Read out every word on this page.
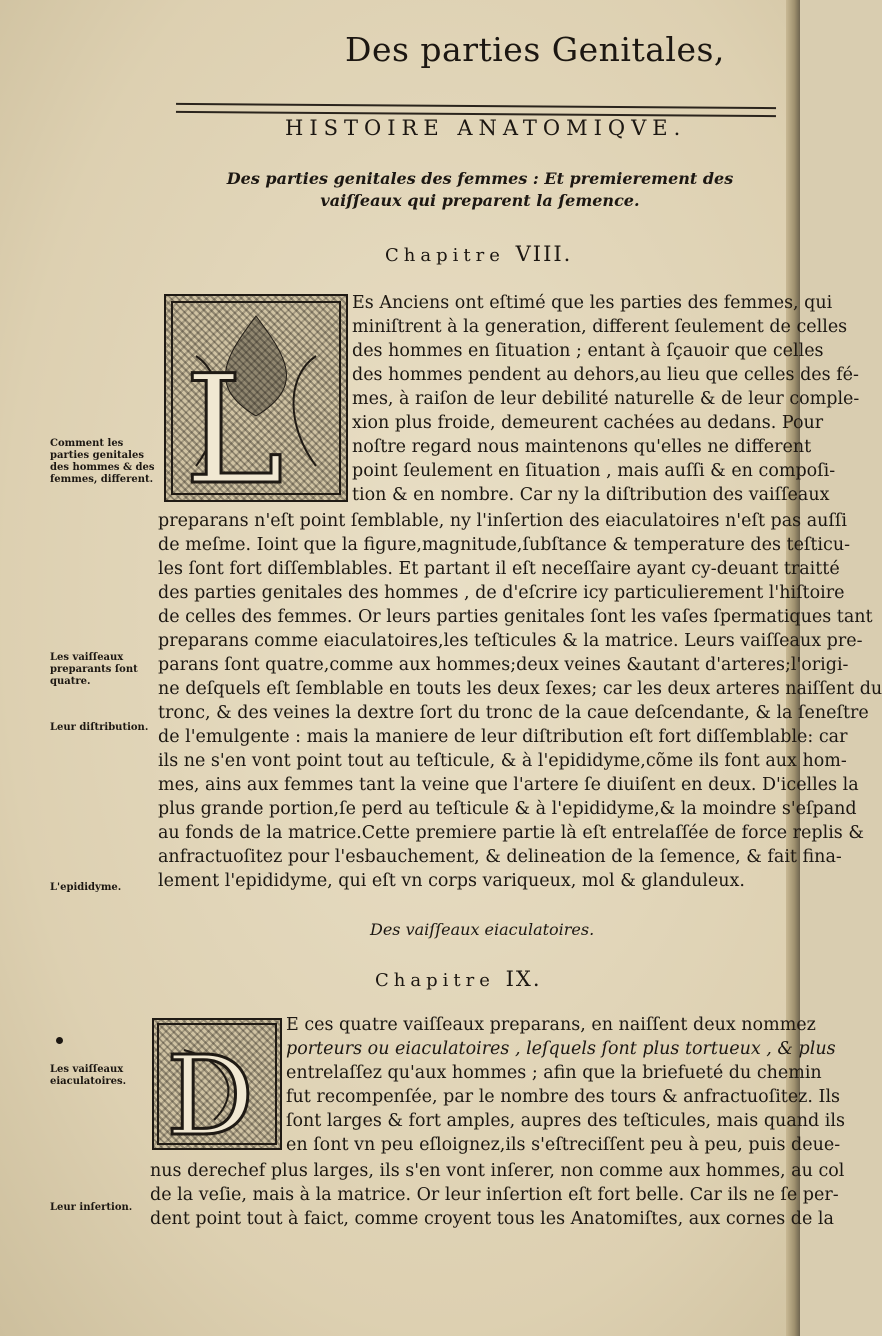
Des parties Genitales,
HISTOIRE ANATOMIQVE.
Des parties genitales des femmes : Et premierement des vaiſſeaux qui preparent la ſemence.
Chapitre VIII.
L
D
Es Anciens ont eſtimé que les parties des femmes, qui
miniſtrent à la generation, different ſeulement de celles
des hommes en ſituation ; entant à ſçauoir que celles
des hommes pendent au dehors,au lieu que celles des fé-
mes, à raiſon de leur debilité naturelle & de leur comple-
xion plus froide, demeurent cachées au dedans. Pour
noſtre regard nous maintenons qu'elles ne different
point ſeulement en ſituation , mais auſſi & en compoſi-
tion & en nombre. Car ny la diſtribution des vaiſſeaux
preparans n'eſt point ſemblable, ny l'inſertion des eiaculatoires n'eſt pas auſſi
de meſme. Ioint que la figure,magnitude,ſubſtance & temperature des teſticu-
les ſont fort diſſemblables. Et partant il eſt neceſſaire ayant cy-deuant traitté
des parties genitales des hommes , de d'eſcrire icy particulierement l'hiſtoire
de celles des femmes. Or leurs parties genitales ſont les vaſes ſpermatiques tant
preparans comme eiaculatoires,les teſticules & la matrice. Leurs vaiſſeaux pre-
parans ſont quatre,comme aux hommes;deux veines &autant d'arteres;l'origi-
ne deſquels eſt ſemblable en touts les deux ſexes; car les deux arteres naiſſent du
tronc, & des veines la dextre ſort du tronc de la caue deſcendante, & la ſeneſtre
de l'emulgente : mais la maniere de leur diſtribution eſt fort diſſemblable: car
ils ne s'en vont point tout au teſticule, & à l'epididyme,cõme ils font aux hom-
mes, ains aux femmes tant la veine que l'artere ſe diuiſent en deux. D'icelles la
plus grande portion,ſe perd au teſticule & à l'epididyme,& la moindre s'eſpand
au fonds de la matrice.Cette premiere partie là eſt entrelaſſée de force replis &
anfractuoſitez pour l'esbauchement, & delineation de la ſemence, & fait fina-
lement l'epididyme, qui eſt vn corps variqueux, mol & glanduleux.
Des vaiſſeaux eiaculatoires.
Chapitre IX.
E ces quatre vaiſſeaux preparans, en naiſſent deux nommez
porteurs ou eiaculatoires , leſquels ſont plus tortueux , & plus
entrelaſſez qu'aux hommes ; afin que la briefueté du chemin
fut recompenſée, par le nombre des tours & anfractuoſitez. Ils
ſont larges & fort amples, aupres des teſticules, mais quand ils
en ſont vn peu eſloignez,ils s'eſtreciſſent peu à peu, puis deue-
nus derechef plus larges, ils s'en vont inſerer, non comme aux hommes, au col
de la veſie, mais à la matrice. Or leur inſertion eſt fort belle. Car ils ne ſe per-
dent point tout à faict, comme croyent tous les Anatomiſtes, aux cornes de la
Comment les parties genitales des hommes & des femmes, different.
Les vaiſſeaux preparants ſont quatre.
Leur diſtribution.
L'epididyme.
Les vaiſſeaux eiaculatoires.
Leur inſertion.
